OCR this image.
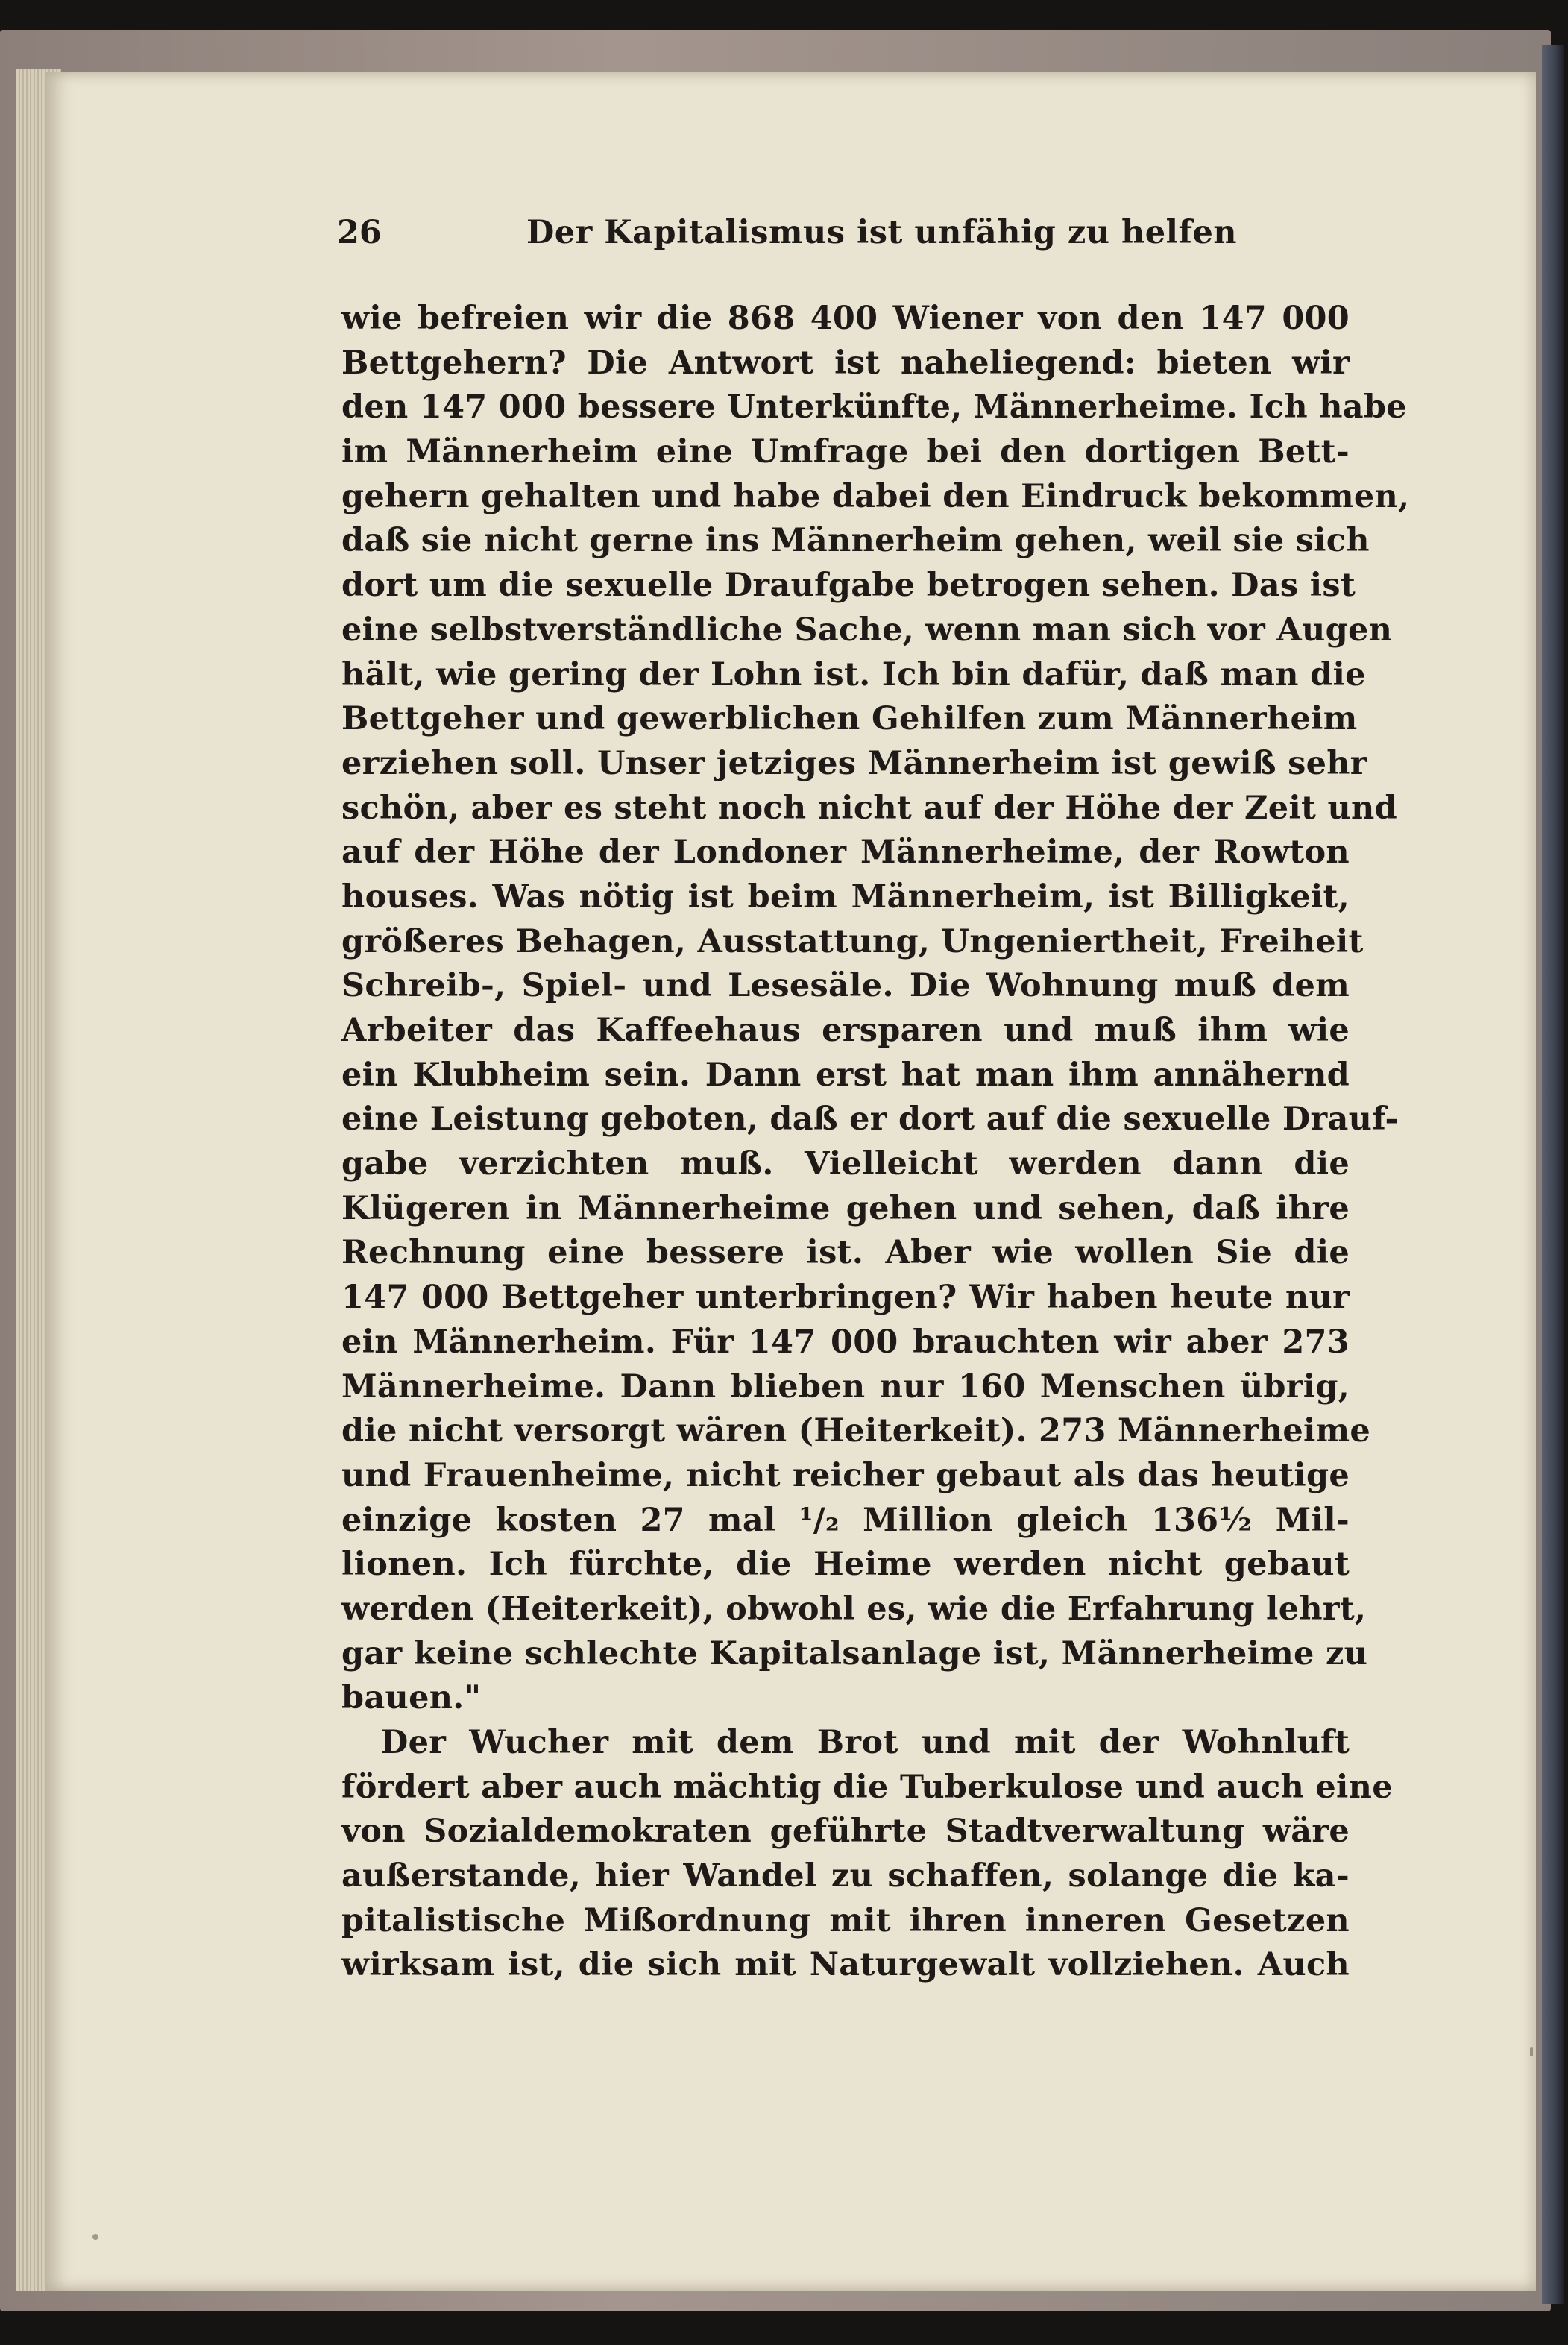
26	Der Kapitalismus ist unfähig zu helfen
wie befreien wir die 868 400 Wiener von den 147 000
Bettgehern? Die Antwort ist naheliegend: bieten wir
den 147 000 bessere Unterkünfte, Männerheime. Ich habe
im Männerheim eine Umfrage bei den dortigen Bett-
gehern gehalten und habe dabei den Eindruck bekommen,
daß sie nicht gerne ins Männerheim gehen, weil sie sich
dort um die sexuelle Draufgabe betrogen sehen. Das ist
eine selbstverständliche Sache, wenn man sich vor Augen
hält, wie gering der Lohn ist. Ich bin dafür, daß man die
Bettgeher und gewerblichen Gehilfen zum Männerheim
erziehen soll. Unser jetziges Männerheim ist gewiß sehr
schön, aber es steht noch nicht auf der Höhe der Zeit und
auf der Höhe der Londoner Männerheime, der Rowton
houses. Was nötig ist beim Männerheim, ist Billigkeit,
größeres Behagen, Ausstattung, Ungeniertheit, Freiheit
Schreib-, Spiel- und Lesesäle. Die Wohnung muß dem
Arbeiter das Kaffeehaus ersparen und muß ihm wie
ein Klubheim sein. Dann erst hat man ihm annähernd
eine Leistung geboten, daß er dort auf die sexuelle Drauf-
gabe verzichten muß. Vielleicht werden dann die
Klügeren in Männerheime gehen und sehen, daß ihre
Rechnung eine bessere ist. Aber wie wollen Sie die
147 000 Bettgeher unterbringen? Wir haben heute nur
ein Männerheim. Für 147 000 brauchten wir aber 273
Männerheime. Dann blieben nur 160 Menschen übrig,
die nicht versorgt wären (Heiterkeit). 273 Männerheime
und Frauenheime, nicht reicher gebaut als das heutige
einzige kosten 27 mal ¹/₂ Million gleich 136½ Mil-
lionen. Ich fürchte, die Heime werden nicht gebaut
werden (Heiterkeit), obwohl es, wie die Erfahrung lehrt,
gar keine schlechte Kapitalsanlage ist, Männerheime zu
bauen."
Der Wucher mit dem Brot und mit der Wohnluft
fördert aber auch mächtig die Tuberkulose und auch eine
von Sozialdemokraten geführte Stadtverwaltung wäre
außerstande, hier Wandel zu schaffen, solange die ka-
pitalistische Mißordnung mit ihren inneren Gesetzen
wirksam ist, die sich mit Naturgewalt vollziehen. Auch
